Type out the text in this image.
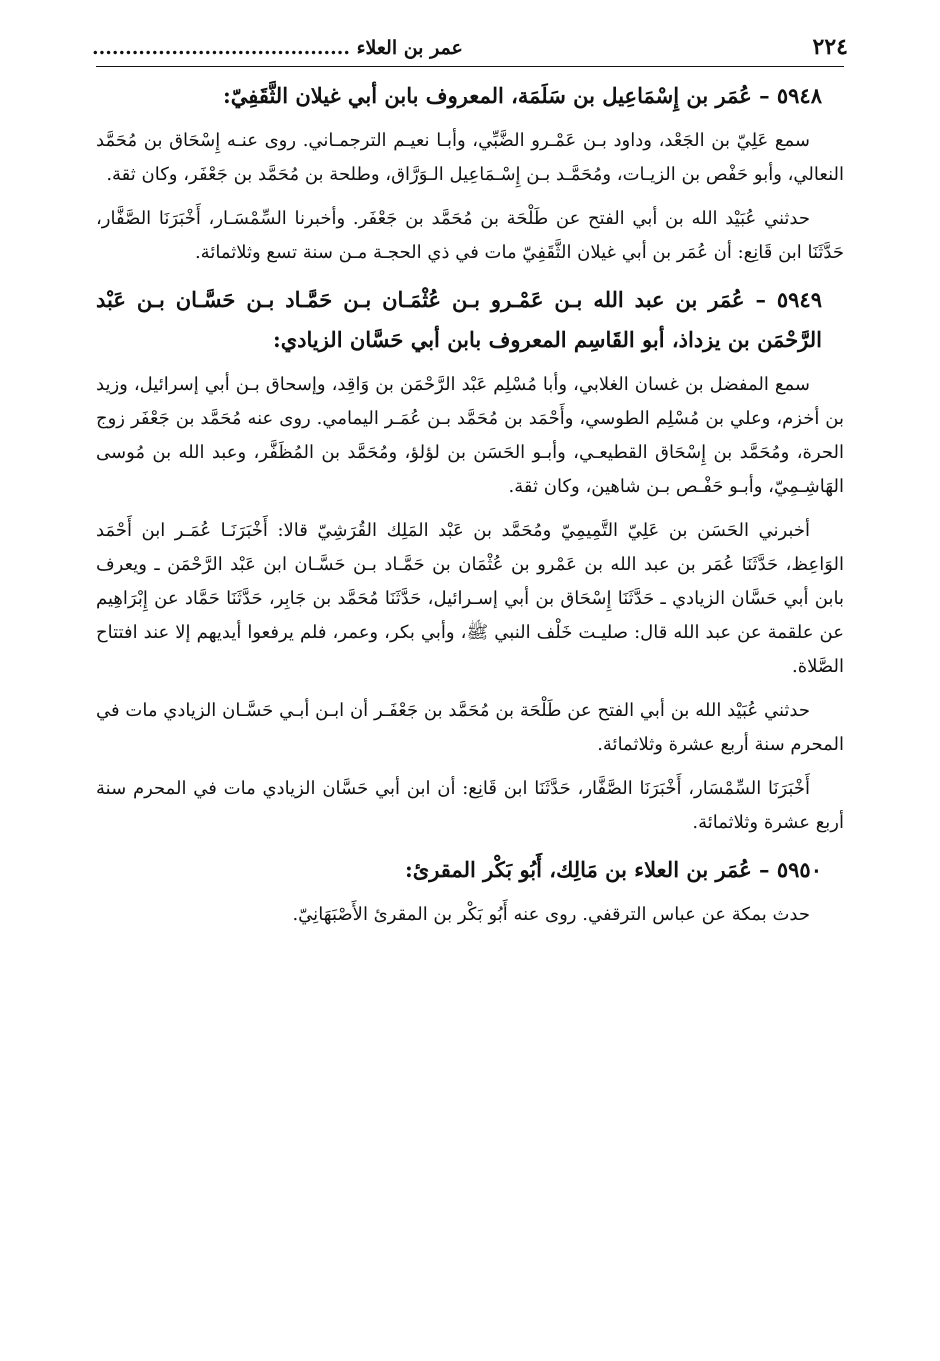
٢٢٤
عمر بن العلاء .......................................
٥٩٤٨ – عُمَر بن إِسْمَاعِيل بن سَلَمَة، المعروف بابن أبي غيلان الثَّقَفِيّ:

سمع عَلِيّ بن الجَعْد، وداود بـن عَمْـرو الضَّبِّي، وأبـا نعيـم الترجمـاني. روى عنـه إِسْحَاق بن مُحَمَّد النعالي، وأبو حَفْص بن الزيـات، ومُحَمَّـد بـن إِسْـمَاعِيل الـوَرَّاق، وطلحة بن مُحَمَّد بن جَعْفَر، وكان ثقة.

حدثني عُبَيْد الله بن أبي الفتح عن طَلْحَة بن مُحَمَّد بن جَعْفَر. وأخبرنا السِّمْسَـار، أَخْبَرَنَا الصَّفَّار، حَدَّثَنَا ابن قَانِع: أن عُمَر بن أبي غيلان الثَّقَفِيّ مات في ذي الحجـة مـن سنة تسع وثلاثمائة.

٥٩٤٩ – عُمَر بن عبد الله بـن عَمْـرو بـن عُثْمَـان بـن حَمَّـاد بـن حَسَّـان بـن عَبْد الرَّحْمَن بن يزداذ، أبو القَاسِم المعروف بابن أبي حَسَّان الزيادي:

سمع المفضل بن غسان الغلابي، وأبا مُسْلِم عَبْد الرَّحْمَن بن وَاقِد، وإسحاق بـن أبي إسرائيل، وزيد بن أخزم، وعلي بن مُسْلِم الطوسي، وأَحْمَد بن مُحَمَّد بـن عُمَـر اليمامي. روى عنه مُحَمَّد بن جَعْفَر زوج الحرة، ومُحَمَّد بن إِسْحَاق القطيعـي، وأبـو الحَسَن بن لؤلؤ، ومُحَمَّد بن المُظَفَّر، وعبد الله بن مُوسى الهَاشِـمِيّ، وأبـو حَفْـص بـن شاهين، وكان ثقة.

أخبرني الحَسَن بن عَلِيّ التَّمِيمِيّ ومُحَمَّد بن عَبْد المَلِك القُرَشِيّ قالا: أَخْبَرَنَـا عُمَـر ابن أَحْمَد الوَاعِظ، حَدَّثَنَا عُمَر بن عبد الله بن عَمْرو بن عُثْمَان بن حَمَّـاد بـن حَسَّـان ابن عَبْد الرَّحْمَن ـ ويعرف بابن أبي حَسَّان الزيادي ـ حَدَّثَنَا إِسْحَاق بن أبي إسـرائيل، حَدَّثَنَا مُحَمَّد بن جَابِر، حَدَّثَنَا حَمَّاد عن إِبْرَاهِيم عن علقمة عن عبد الله قال: صليـت خَلْف النبي ﷺ، وأبي بكر، وعمر، فلم يرفعوا أيديهم إلا عند افتتاح الصَّلاة.

حدثني عُبَيْد الله بن أبي الفتح عن طَلْحَة بن مُحَمَّد بن جَعْفَـر أن ابـن أبـي حَسَّـان الزيادي مات في المحرم سنة أربع عشرة وثلاثمائة.

أَخْبَرَنَا السِّمْسَار، أَخْبَرَنَا الصَّفَّار، حَدَّثَنَا ابن قَانِع: أن ابن أبي حَسَّان الزيادي مات في المحرم سنة أربع عشرة وثلاثمائة.

٥٩٥٠ – عُمَر بن العلاء بن مَالِك، أَبُو بَكْر المقرئ:

حدث بمكة عن عباس الترقفي. روى عنه أَبُو بَكْر بن المقرئ الأَصْبَهَانِيّ.
